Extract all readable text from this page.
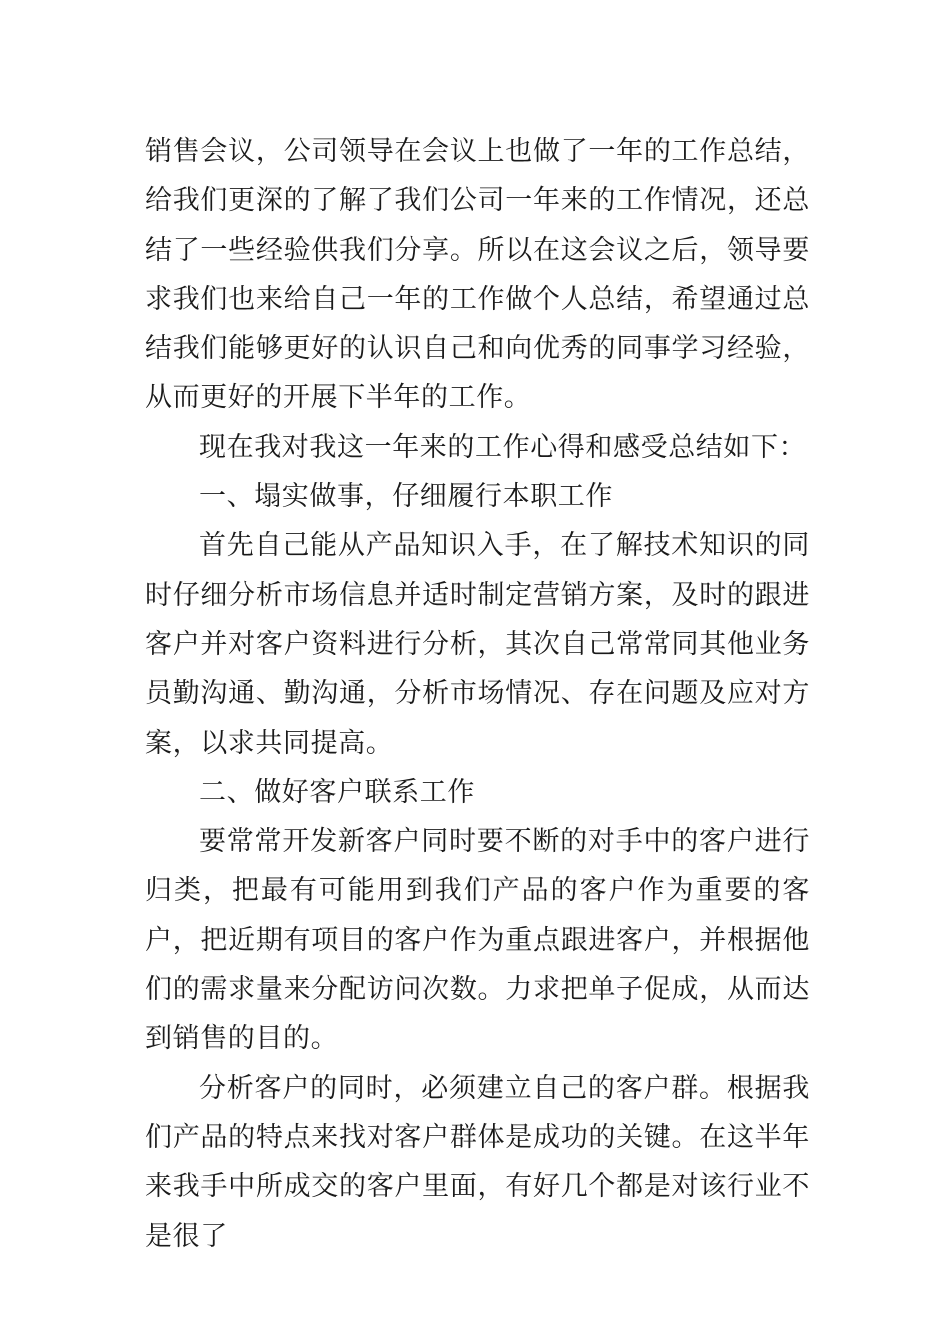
销售会议，公司领导在会议上也做了一年的工作总结，给我们更深的了解了我们公司一年来的工作情况，还总结了一些经验供我们分享。所以在这会议之后，领导要求我们也来给自己一年的工作做个人总结，希望通过总结我们能够更好的认识自己和向优秀的同事学习经验，从而更好的开展下半年的工作。

现在我对我这一年来的工作心得和感受总结如下：

一、塌实做事，仔细履行本职工作

首先自己能从产品知识入手，在了解技术知识的同时仔细分析市场信息并适时制定营销方案，及时的跟进客户并对客户资料进行分析，其次自己常常同其他业务员勤沟通、勤沟通，分析市场情况、存在问题及应对方案，以求共同提高。

二、做好客户联系工作

要常常开发新客户同时要不断的对手中的客户进行归类，把最有可能用到我们产品的客户作为重要的客户，把近期有项目的客户作为重点跟进客户，并根据他们的需求量来分配访问次数。力求把单子促成，从而达到销售的目的。

分析客户的同时，必须建立自己的客户群。根据我们产品的特点来找对客户群体是成功的关键。在这半年来我手中所成交的客户里面，有好几个都是对该行业不是很了
